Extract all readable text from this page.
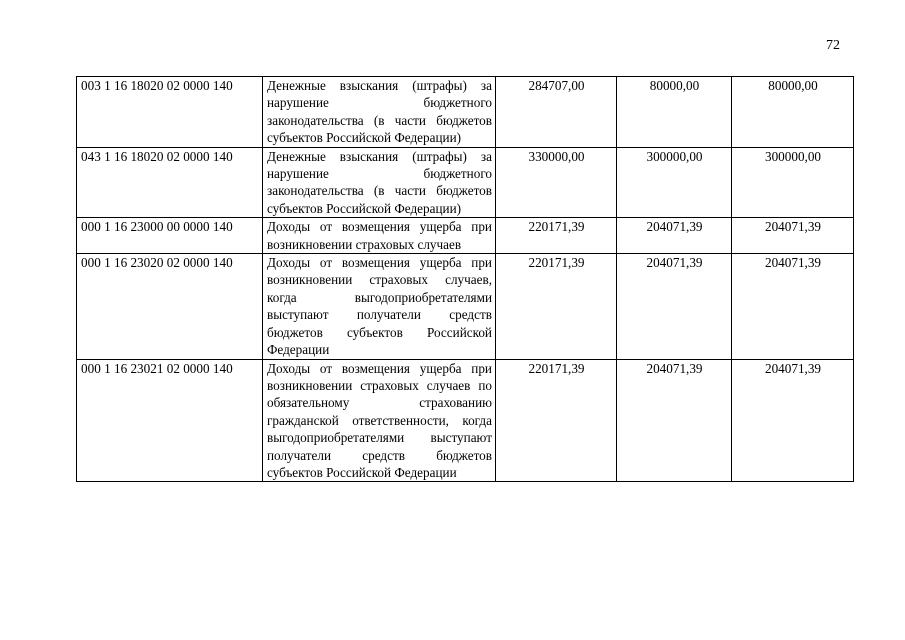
72
003 1 16 18020 02 0000 140	Денежные взыскания (штрафы) за нарушение бюджетного законодательства (в части бюджетов субъектов Российской Федерации)	284707,00	80000,00	80000,00
043 1 16 18020 02 0000 140	Денежные взыскания (штрафы) за нарушение бюджетного законодательства (в части бюджетов субъектов Российской Федерации)	330000,00	300000,00	300000,00
000 1 16 23000 00 0000 140	Доходы от возмещения ущерба при возникновении страховых случаев	220171,39	204071,39	204071,39
000 1 16 23020 02 0000 140	Доходы от возмещения ущерба при возникновении страховых случаев, когда выгодоприобретателями выступают получатели средств бюджетов субъектов Российской Федерации	220171,39	204071,39	204071,39
000 1 16 23021 02 0000 140	Доходы от возмещения ущерба при возникновении страховых случаев по обязательному страхованию гражданской ответственности, когда выгодоприобретателями выступают получатели средств бюджетов субъектов Российской Федерации	220171,39	204071,39	204071,39
